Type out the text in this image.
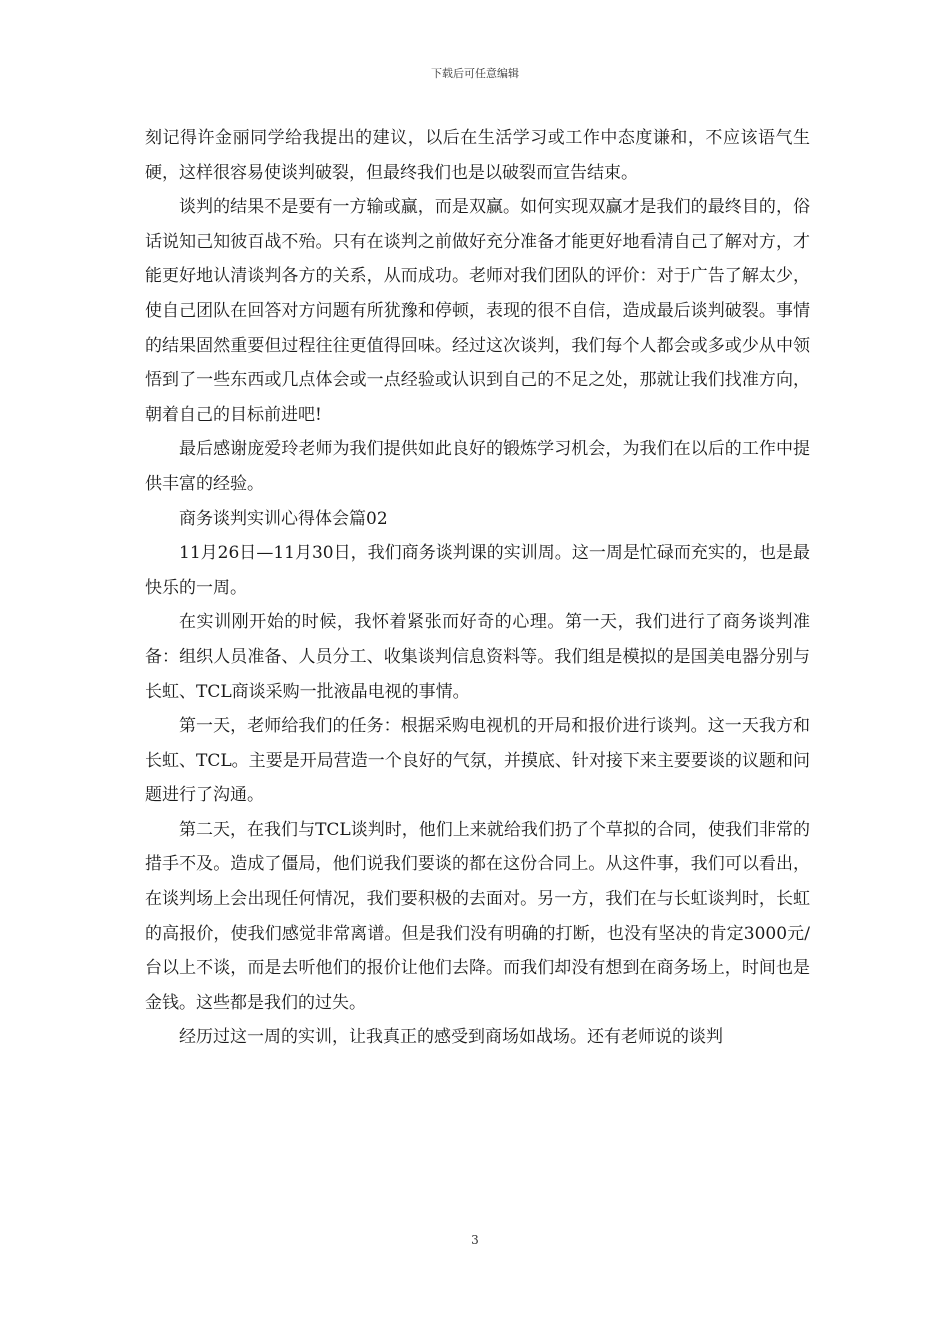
下载后可任意编辑

刻记得许金丽同学给我提出的建议，以后在生活学习或工作中态度谦和，不应该语气生硬，这样很容易使谈判破裂，但最终我们也是以破裂而宣告结束。

谈判的结果不是要有一方输或赢，而是双赢。如何实现双赢才是我们的最终目的，俗话说知己知彼百战不殆。只有在谈判之前做好充分准备才能更好地看清自己了解对方，才能更好地认清谈判各方的关系，从而成功。老师对我们团队的评价：对于广告了解太少，使自己团队在回答对方问题有所犹豫和停顿，表现的很不自信，造成最后谈判破裂。事情的结果固然重要但过程往往更值得回味。经过这次谈判，我们每个人都会或多或少从中领悟到了一些东西或几点体会或一点经验或认识到自己的不足之处，那就让我们找准方向，朝着自己的目标前进吧!

最后感谢庞爱玲老师为我们提供如此良好的锻炼学习机会，为我们在以后的工作中提供丰富的经验。

商务谈判实训心得体会篇02

11月26日—11月30日，我们商务谈判课的实训周。这一周是忙碌而充实的，也是最快乐的一周。

在实训刚开始的时候，我怀着紧张而好奇的心理。第一天，我们进行了商务谈判准备：组织人员准备、人员分工、收集谈判信息资料等。我们组是模拟的是国美电器分别与长虹、TCL商谈采购一批液晶电视的事情。

第一天，老师给我们的任务：根据采购电视机的开局和报价进行谈判。这一天我方和长虹、TCL。主要是开局营造一个良好的气氛，并摸底、针对接下来主要要谈的议题和问题进行了沟通。

第二天，在我们与TCL谈判时，他们上来就给我们扔了个草拟的合同，使我们非常的措手不及。造成了僵局，他们说我们要谈的都在这份合同上。从这件事，我们可以看出，在谈判场上会出现任何情况，我们要积极的去面对。另一方，我们在与长虹谈判时，长虹的高报价，使我们感觉非常离谱。但是我们没有明确的打断，也没有坚决的肯定3000元/台以上不谈，而是去听他们的报价让他们去降。而我们却没有想到在商务场上，时间也是金钱。这些都是我们的过失。

经历过这一周的实训，让我真正的感受到商场如战场。还有老师说的谈判

3
